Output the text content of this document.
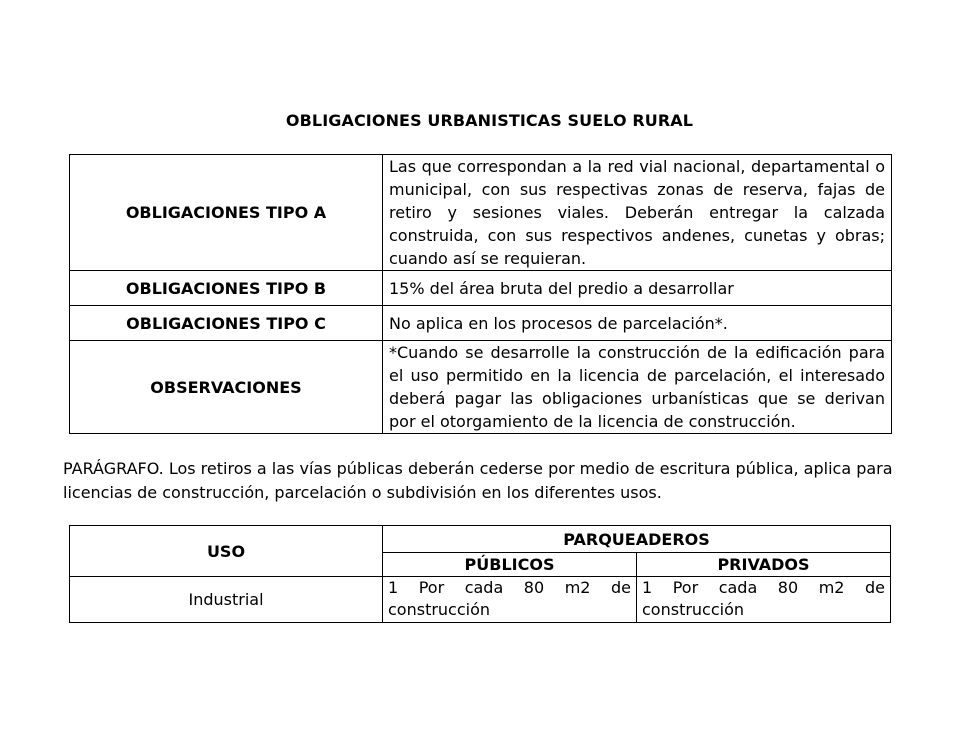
OBLIGACIONES URBANISTICAS SUELO RURAL
OBLIGACIONES TIPO A	Las que correspondan a la red vial nacional, departamental o municipal, con sus respectivas zonas de reserva, fajas de retiro y sesiones viales. Deberán entregar la calzada construida, con sus respectivos andenes, cunetas y obras; cuando así se requieran.
OBLIGACIONES TIPO B	15% del área bruta del predio a desarrollar
OBLIGACIONES TIPO C	No aplica en los procesos de parcelación*.
OBSERVACIONES	*Cuando se desarrolle la construcción de la edificación para el uso permitido en la licencia de parcelación, el interesado deberá pagar las obligaciones urbanísticas que se derivan por el otorgamiento de la licencia de construcción.
PARÁGRAFO. Los retiros a las vías públicas deberán cederse por medio de escritura pública, aplica para licencias de construcción, parcelación o subdivisión en los diferentes usos.
USO	PARQUEADEROS	
	PÚBLICOS	PRIVADOS
Industrial	1 Por cada 80 m2 de construcción	1 Por cada 80 m2 de construcción
